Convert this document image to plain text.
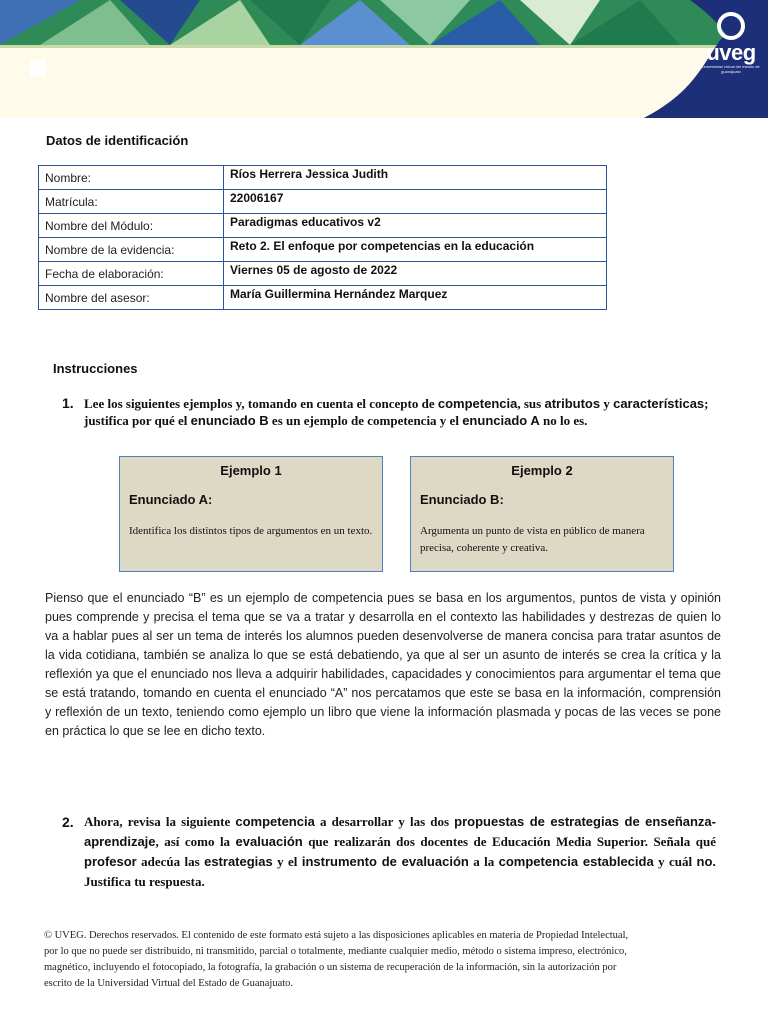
uveg
universidad virtual del estado de guanajuato
Datos de identificación
Nombre:	Ríos Herrera Jessica Judith
Matrícula:	22006167
Nombre del Módulo:	Paradigmas educativos v2
Nombre de la evidencia:	Reto 2. El enfoque por competencias en la educación
Fecha de elaboración:	Viernes 05 de agosto de 2022
Nombre del asesor:	María Guillermina Hernández Marquez
Instrucciones
1. Lee los siguientes ejemplos y, tomando en cuenta el concepto de competencia, sus atributos y características; justifica por qué el enunciado B es un ejemplo de competencia y el enunciado A no lo es.
Ejemplo 1
Enunciado A:
Identifica los distintos tipos de argumentos en un texto.
Ejemplo 2
Enunciado B:
Argumenta un punto de vista en público de manera precisa, coherente y creativa.
Pienso que el enunciado “B” es un ejemplo de competencia pues se basa en los argumentos, puntos de vista y opinión pues comprende y precisa el tema que se va a tratar y desarrolla en el contexto las habilidades y destrezas de quien lo va a hablar pues al ser un tema de interés los alumnos pueden desenvolverse de manera concisa para tratar asuntos de la vida cotidiana, también se analiza lo que se está debatiendo, ya que al ser un asunto de interés se crea la crítica y la reflexión ya que el enunciado nos lleva a adquirir habilidades, capacidades y conocimientos para argumentar el tema que se está tratando, tomando en cuenta el enunciado “A” nos percatamos que este se basa en la información, comprensión y reflexión de un texto, teniendo como ejemplo un libro que viene la información plasmada y pocas de las veces se pone en práctica lo que se lee en dicho texto.
2. Ahora, revisa la siguiente competencia a desarrollar y las dos propuestas de estrategias de enseñanza- aprendizaje, así como la evaluación que realizarán dos docentes de Educación Media Superior. Señala qué profesor adecúa las estrategias y el instrumento de evaluación a la competencia establecida y cuál no. Justifica tu respuesta.
© UVEG. Derechos reservados. El contenido de este formato está sujeto a las disposiciones aplicables en materia de Propiedad Intelectual, por lo que no puede ser distribuido, ni transmitido, parcial o totalmente, mediante cualquier medio, método o sistema impreso, electrónico, magnético, incluyendo el fotocopiado, la fotografía, la grabación o un sistema de recuperación de la información, sin la autorización por escrito de la Universidad Virtual del Estado de Guanajuato.
